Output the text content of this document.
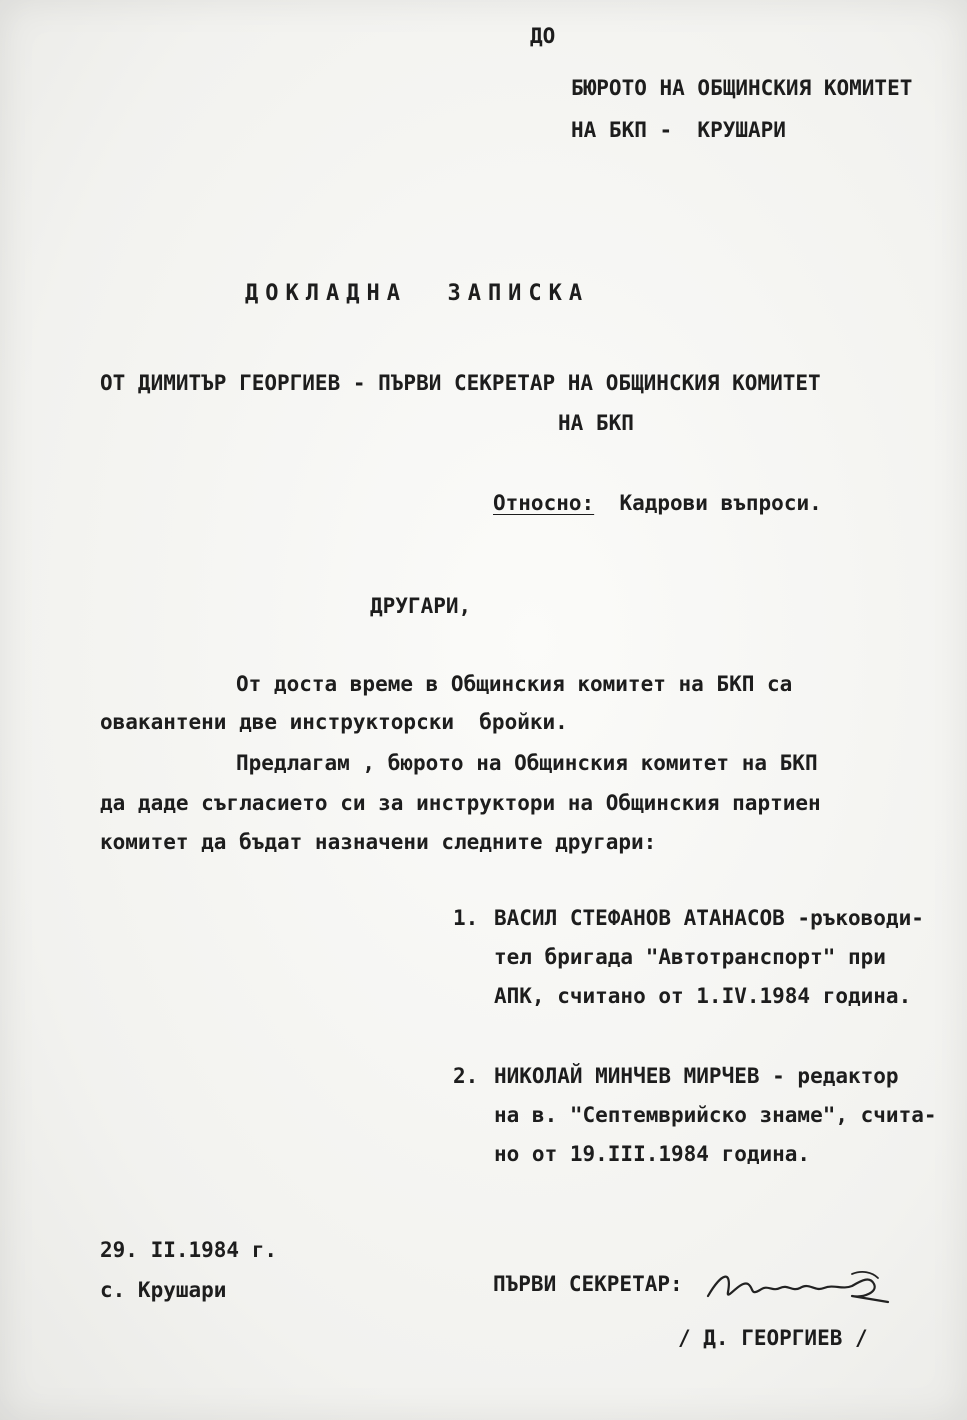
ДО
БЮРОТО НА ОБЩИНСКИЯ КОМИТЕТ
НА БКП -  КРУШАРИ
ДОКЛАДНА  ЗАПИСКА
ОТ ДИМИТЪР ГЕОРГИЕВ - ПЪРВИ СЕКРЕТАР НА ОБЩИНСКИЯ КОМИТЕТ
НА БКП
Относно: Кадрови въпроси.
ДРУГАРИ,
От доста време в Общинския комитет на БКП са
овакантени две инструкторски  бройки.
Предлагам , бюрото на Общинския комитет на БКП
да даде съгласието си за инструктори на Общинския партиен
комитет да бъдат назначени следните другари:
1. ВАСИЛ СТЕФАНОВ АТАНАСОВ -ръководи-
тел бригада "Автотранспорт" при
АПК, считано от 1.IV.1984 година.
2. НИКОЛАЙ МИНЧЕВ МИРЧЕВ - редактор
на в. "Септемврийско знаме", счита-
но от 19.III.1984 година.
29. II.1984 г.
с. Крушари	ПЪРВИ СЕКРЕТАР:
/ Д. ГЕОРГИЕВ /
